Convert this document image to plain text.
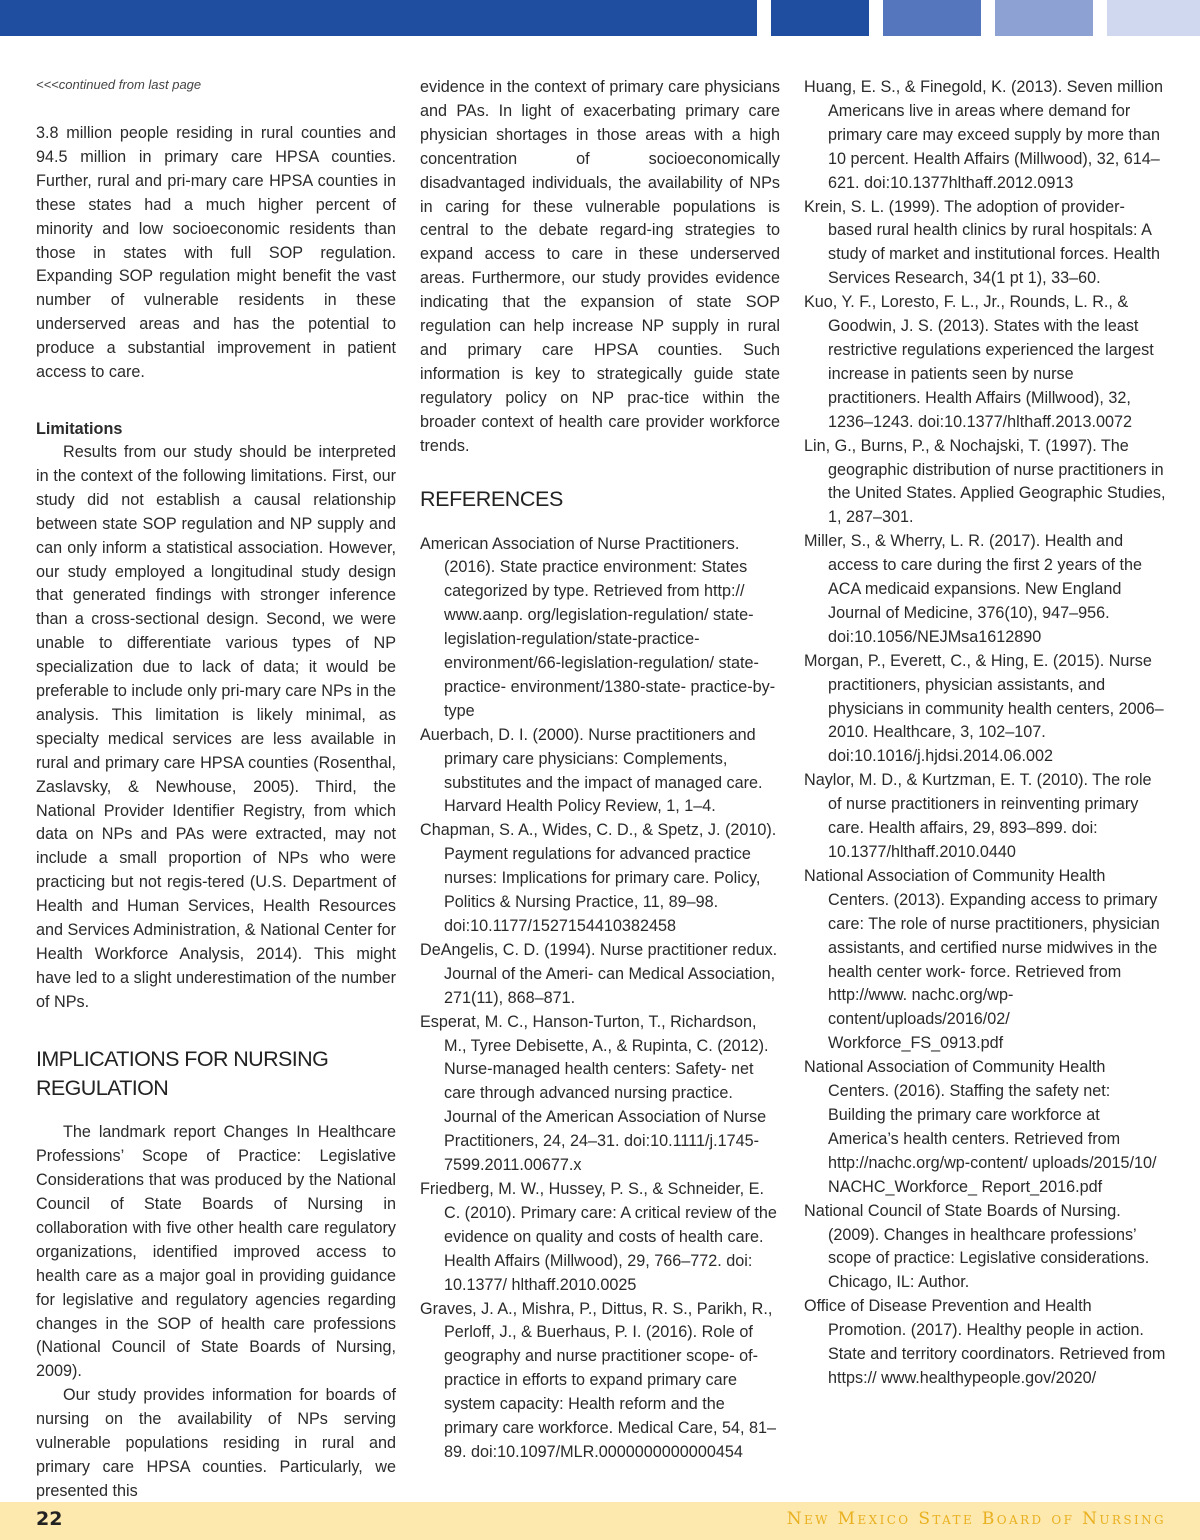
<<<continued from last page

3.8 million people residing in rural counties and 94.5 million in primary care HPSA counties. Further, rural and pri-mary care HPSA counties in these states had a much higher percent of minority and low socioeconomic residents than those in states with full SOP regulation. Expanding SOP regulation might benefit the vast number of vulnerable residents in these underserved areas and has the potential to produce a substantial improvement in patient access to care.

Limitations

Results from our study should be interpreted in the context of the following limitations. First, our study did not establish a causal relationship between state SOP regulation and NP supply and can only inform a statistical association. However, our study employed a longitudinal study design that generated findings with stronger inference than a cross-sectional design. Second, we were unable to differentiate various types of NP specialization due to lack of data; it would be preferable to include only pri-mary care NPs in the analysis. This limitation is likely minimal, as specialty medical services are less available in rural and primary care HPSA counties (Rosenthal, Zaslavsky, & Newhouse, 2005). Third, the National Provider Identifier Registry, from which data on NPs and PAs were extracted, may not include a small proportion of NPs who were practicing but not regis-tered (U.S. Department of Health and Human Services, Health Resources and Services Administration, & National Center for Health Workforce Analysis, 2014). This might have led to a slight underestimation of the number of NPs.

IMPLICATIONS FOR NURSING REGULATION

The landmark report Changes In Healthcare Professions’ Scope of Practice: Legislative Considerations that was produced by the National Council of State Boards of Nursing in collaboration with five other health care regulatory organizations, identified improved access to health care as a major goal in providing guidance for legislative and regulatory agencies regarding changes in the SOP of health care professions (National Council of State Boards of Nursing, 2009).

Our study provides information for boards of nursing on the availability of NPs serving vulnerable populations residing in rural and primary care HPSA counties. Particularly, we presented this

evidence in the context of primary care physicians and PAs. In light of exacerbating primary care physician shortages in those areas with a high concentration of socioeconomically disadvantaged individuals, the availability of NPs in caring for these vulnerable populations is central to the debate regard-ing strategies to expand access to care in these underserved areas. Furthermore, our study provides evidence indicating that the expansion of state SOP regulation can help increase NP supply in rural and primary care HPSA counties. Such information is key to strategically guide state regulatory policy on NP prac-tice within the broader context of health care provider workforce trends.

REFERENCES

American Association of Nurse Practitioners. (2016). State practice environment: States categorized by type. Retrieved from http:// www.aanp. org/legislation-regulation/ state-legislation-regulation/state-practice- environment/66-legislation-regulation/ state-practice- environment/1380-state- practice-by-type

Auerbach, D. I. (2000). Nurse practitioners and primary care physicians: Complements, substitutes and the impact of managed care. Harvard Health Policy Review, 1, 1–4.

Chapman, S. A., Wides, C. D., & Spetz, J. (2010). Payment regulations for advanced practice nurses: Implications for primary care. Policy, Politics & Nursing Practice, 11, 89–98. doi:10.1177/1527154410382458

DeAngelis, C. D. (1994). Nurse practitioner redux. Journal of the Ameri- can Medical Association, 271(11), 868–871.

Esperat, M. C., Hanson-Turton, T., Richardson, M., Tyree Debisette, A., & Rupinta, C. (2012). Nurse-managed health centers: Safety- net care through advanced nursing practice. Journal of the American Association of Nurse Practitioners, 24, 24–31. doi:10.1111/j.1745-7599.2011.00677.x

Friedberg, M. W., Hussey, P. S., & Schneider, E. C. (2010). Primary care: A critical review of the evidence on quality and costs of health care. Health Affairs (Millwood), 29, 766–772. doi: 10.1377/ hlthaff.2010.0025

Graves, J. A., Mishra, P., Dittus, R. S., Parikh, R., Perloff, J., & Buerhaus, P. I. (2016). Role of geography and nurse practitioner scope- of-practice in efforts to expand primary care system capacity: Health reform and the primary care workforce. Medical Care, 54, 81–89. doi:10.1097/MLR.0000000000000454

Huang, E. S., & Finegold, K. (2013). Seven million Americans live in areas where demand for primary care may exceed supply by more than 10 percent. Health Affairs (Millwood), 32, 614–621. doi:10.1377hlthaff.2012.0913

Krein, S. L. (1999). The adoption of provider- based rural health clinics by rural hospitals: A study of market and institutional forces. Health Services Research, 34(1 pt 1), 33–60.

Kuo, Y. F., Loresto, F. L., Jr., Rounds, L. R., & Goodwin, J. S. (2013). States with the least restrictive regulations experienced the largest increase in patients seen by nurse practitioners. Health Affairs (Millwood), 32, 1236–1243. doi:10.1377/hlthaff.2013.0072

Lin, G., Burns, P., & Nochajski, T. (1997). The geographic distribution of nurse practitioners in the United States. Applied Geographic Studies, 1, 287–301.

Miller, S., & Wherry, L. R. (2017). Health and access to care during the first 2 years of the ACA medicaid expansions. New England Journal of Medicine, 376(10), 947–956. doi:10.1056/NEJMsa1612890

Morgan, P., Everett, C., & Hing, E. (2015). Nurse practitioners, physician assistants, and physicians in community health centers, 2006– 2010. Healthcare, 3, 102–107. doi:10.1016/j.hjdsi.2014.06.002

Naylor, M. D., & Kurtzman, E. T. (2010). The role of nurse practitioners in reinventing primary care. Health affairs, 29, 893–899. doi: 10.1377/hlthaff.2010.0440

National Association of Community Health Centers. (2013). Expanding access to primary care: The role of nurse practitioners, physician assistants, and certified nurse midwives in the health center work- force. Retrieved from http://www. nachc.org/wp-content/uploads/2016/02/ Workforce_FS_0913.pdf

National Association of Community Health Centers. (2016). Staffing the safety net: Building the primary care workforce at America’s health centers. Retrieved from http://nachc.org/wp-content/ uploads/2015/10/ NACHC_Workforce_ Report_2016.pdf

National Council of State Boards of Nursing. (2009). Changes in healthcare professions’ scope of practice: Legislative considerations. Chicago, IL: Author.

Office of Disease Prevention and Health Promotion. (2017). Healthy people in action. State and territory coordinators. Retrieved from https:// www.healthypeople.gov/2020/

22	New Mexico State Board of Nursing
